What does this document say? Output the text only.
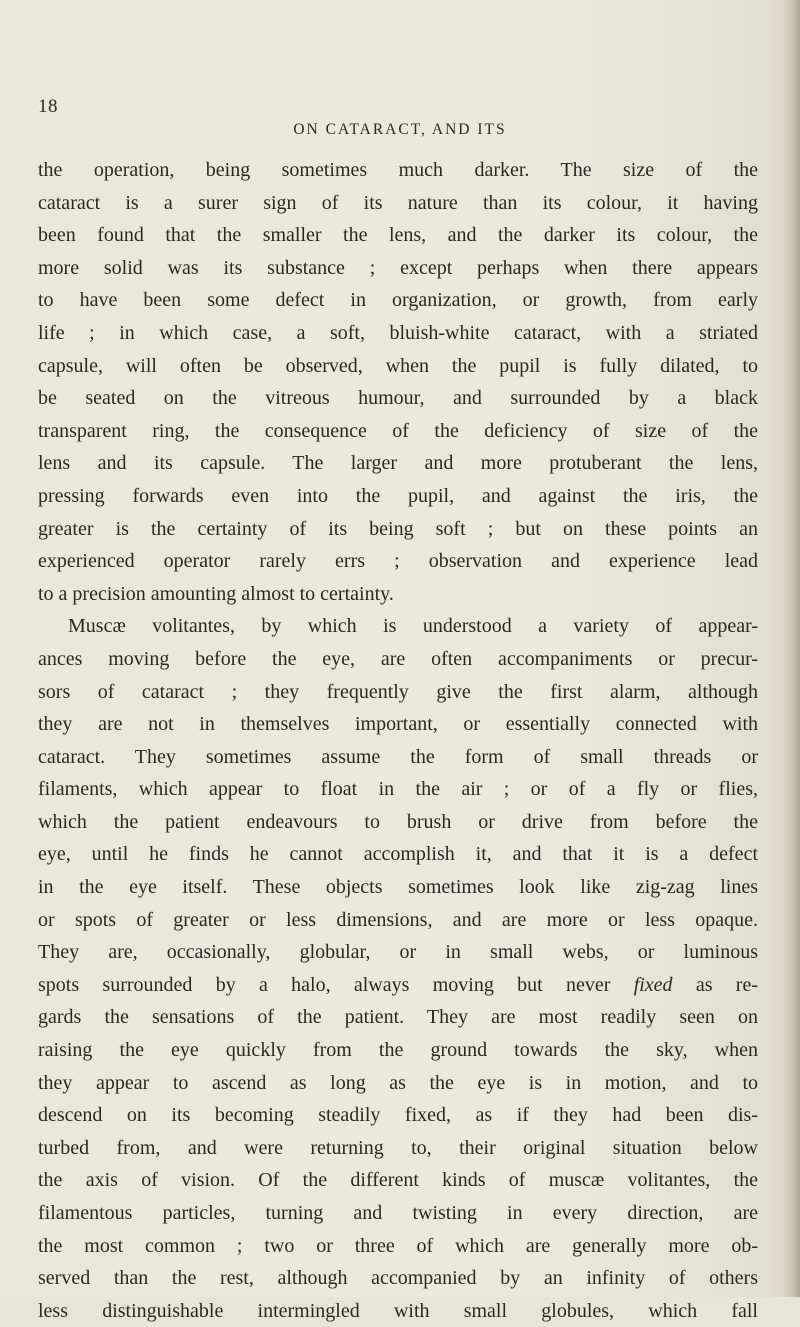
18
ON CATARACT, AND ITS
the operation, being sometimes much darker. The size of the
cataract is a surer sign of its nature than its colour, it having
been found that the smaller the lens, and the darker its colour, the
more solid was its substance ; except perhaps when there appears
to have been some defect in organization, or growth, from early
life ; in which case, a soft, bluish-white cataract, with a striated
capsule, will often be observed, when the pupil is fully dilated, to
be seated on the vitreous humour, and surrounded by a black
transparent ring, the consequence of the deficiency of size of the
lens and its capsule. The larger and more protuberant the lens,
pressing forwards even into the pupil, and against the iris, the
greater is the certainty of its being soft ; but on these points an
experienced operator rarely errs ; observation and experience lead
to a precision amounting almost to certainty.
Muscæ volitantes, by which is understood a variety of appear-
ances moving before the eye, are often accompaniments or precur-
sors of cataract ; they frequently give the first alarm, although
they are not in themselves important, or essentially connected with
cataract. They sometimes assume the form of small threads or
filaments, which appear to float in the air ; or of a fly or flies,
which the patient endeavours to brush or drive from before the
eye, until he finds he cannot accomplish it, and that it is a defect
in the eye itself. These objects sometimes look like zig-zag lines
or spots of greater or less dimensions, and are more or less opaque.
They are, occasionally, globular, or in small webs, or luminous
spots surrounded by a halo, always moving but never fixed as re-
gards the sensations of the patient. They are most readily seen on
raising the eye quickly from the ground towards the sky, when
they appear to ascend as long as the eye is in motion, and to
descend on its becoming steadily fixed, as if they had been dis-
turbed from, and were returning to, their original situation below
the axis of vision. Of the different kinds of muscæ volitantes, the
filamentous particles, turning and twisting in every direction, are
the most common ; two or three of which are generally more ob-
served than the rest, although accompanied by an infinity of others
less distinguishable intermingled with small globules, which fall
